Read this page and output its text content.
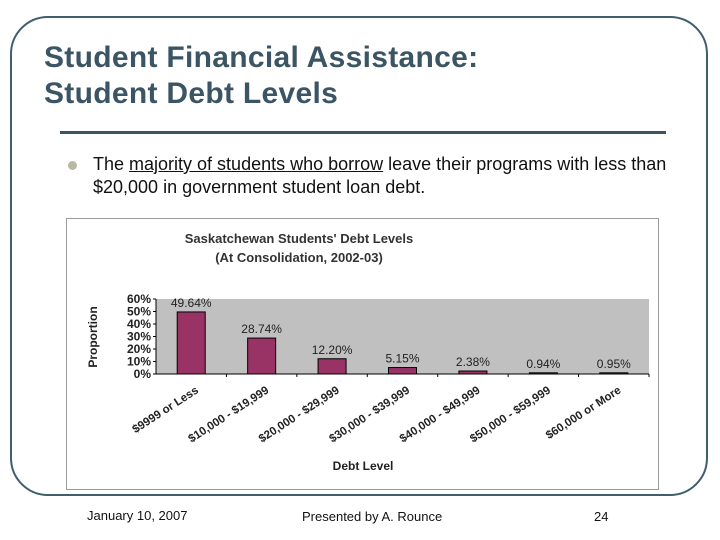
Student Financial Assistance:
Student Debt Levels
The majority of students who borrow leave their programs with less than $20,000 in government student loan debt.
Saskatchewan Students' Debt Levels
(At Consolidation, 2002-03)
Proportion
Debt Level
0%
10%
20%
30%
40%
50%
60% 49.64%
$9999 or Less
28.74%
$10,000 - $19,999
12.20%
$20,000 - $29,999
5.15%
$30,000 - $39,999
2.38%
$40,000 - $49,999
0.94%
$50,000 - $59,999
0.95%
$60,000 or More
January 10, 2007	Presented by A. Rounce	24
